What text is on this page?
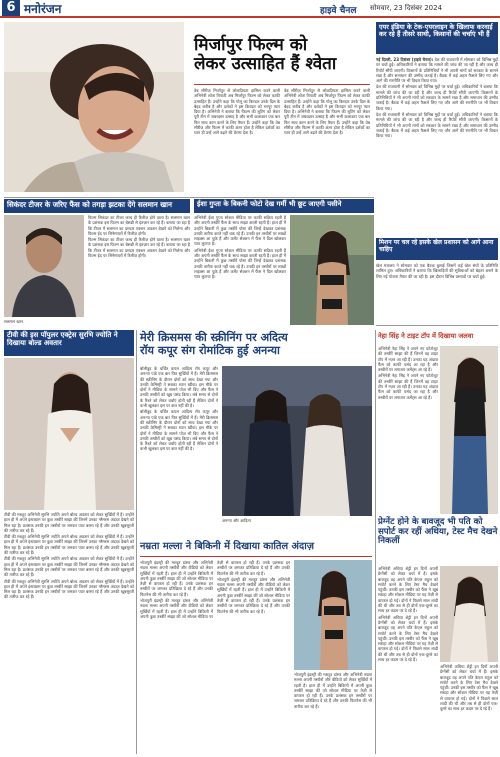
6 मनोरंजन	हाइवे चैनल सोमवार, 23 दिसंबर 2024
मिर्जापुर फिल्म को
लेकर उत्साहित हैं श्वेता

वेब सीरीज़ मिर्जापुर से लोकप्रियता हासिल करने वाली अभिनेत्री श्वेता त्रिपाठी अब मिर्जापुर फिल्म को लेकर काफी उत्साहित हैं। उन्होंने कहा कि गोलू का किरदार उनके दिल के बेहद करीब है और दर्शकों ने इस किरदार को भरपूर प्यार दिया है। अभिनेत्री ने बताया कि फिल्म की शूटिंग को लेकर पूरी टीम में जबरदस्त उत्साह है और सभी कलाकार एक बार फिर साथ काम करने के लिए तैयार हैं। उन्होंने कहा कि वेब सीरीज़ और फिल्म में काफी अंतर होता है लेकिन दर्शकों का प्यार ही उन्हें आगे बढ़ने की प्रेरणा देता है।

वेब सीरीज़ मिर्जापुर से लोकप्रियता हासिल करने वाली अभिनेत्री श्वेता त्रिपाठी अब मिर्जापुर फिल्म को लेकर काफी उत्साहित हैं। उन्होंने कहा कि गोलू का किरदार उनके दिल के बेहद करीब है और दर्शकों ने इस किरदार को भरपूर प्यार दिया है। अभिनेत्री ने बताया कि फिल्म की शूटिंग को लेकर पूरी टीम में जबरदस्त उत्साह है और सभी कलाकार एक बार फिर साथ काम करने के लिए तैयार हैं। उन्होंने कहा कि वेब सीरीज़ और फिल्म में काफी अंतर होता है लेकिन दर्शकों का प्यार ही उन्हें आगे बढ़ने की प्रेरणा देता है।

एयर इंडिया के टेक-एयरलाइन के खिलाफ करवाई कर रहे हैं तीसरे साथी, किसानों की चर्चाएं भी हैं

नई दिल्ली, 23 दिसंबर (हाइवे चैनल)। देश की राजधानी में सोमवार को विभिन्न मुद्दों पर चर्चा हुई। अधिकारियों ने बताया कि मामले की जांच की जा रही है और जल्द ही रिपोर्ट सौंपी जाएगी। किसानों के प्रतिनिधियों ने भी अपनी मांगों को सरकार के सामने रखा है और समाधान की उम्मीद जताई है। बैठक में कई अहम फैसले लिए गए और आगे की रणनीति पर भी विचार किया गया।

देश की राजधानी में सोमवार को विभिन्न मुद्दों पर चर्चा हुई। अधिकारियों ने बताया कि मामले की जांच की जा रही है और जल्द ही रिपोर्ट सौंपी जाएगी। किसानों के प्रतिनिधियों ने भी अपनी मांगों को सरकार के सामने रखा है और समाधान की उम्मीद जताई है। बैठक में कई अहम फैसले लिए गए और आगे की रणनीति पर भी विचार किया गया।

देश की राजधानी में सोमवार को विभिन्न मुद्दों पर चर्चा हुई। अधिकारियों ने बताया कि मामले की जांच की जा रही है और जल्द ही रिपोर्ट सौंपी जाएगी। किसानों के प्रतिनिधियों ने भी अपनी मांगों को सरकार के सामने रखा है और समाधान की उम्मीद जताई है। बैठक में कई अहम फैसले लिए गए और आगे की रणनीति पर भी विचार किया गया।

मिशन पर चल रहे इसके खेल प्रशासन को आगे आना चाहिए

खेल मंत्रालय ने सोमवार को एक बैठक बुलाई जिसमें कई खेल संघों के प्रतिनिधि शामिल हुए। अधिकारियों ने बताया कि खिलाड़ियों की सुविधाओं को बेहतर बनाने के लिए नई योजना तैयार की जा रही है। इस दौरान विभिन्न प्रस्तावों पर चर्चा हुई।

सिकंदर टीजर के जरिए फैंस को तगड़ा झटका देंगे सलमान खान
सलमान खान

फिल्म सिकंदर का टीजर जल्द ही रिलीज़ होने वाला है। सलमान खान के प्रशंसक इस फिल्म का बेसब्री से इंतज़ार कर रहे हैं। बताया जा रहा है कि टीजर में सलमान का दमदार एक्शन अवतार देखने को मिलेगा और फिल्म ईद पर सिनेमाघरों में रिलीज़ होगी।

फिल्म सिकंदर का टीजर जल्द ही रिलीज़ होने वाला है। सलमान खान के प्रशंसक इस फिल्म का बेसब्री से इंतज़ार कर रहे हैं। बताया जा रहा है कि टीजर में सलमान का दमदार एक्शन अवतार देखने को मिलेगा और फिल्म ईद पर सिनेमाघरों में रिलीज़ होगी।

ईशा गुप्ता के बिकनी फोटो देख गर्मी भी छूट जाएगी पसीने

अभिनेत्री ईशा गुप्ता सोशल मीडिया पर काफी सक्रिय रहती हैं और अपनी तस्वीरें फैंस के साथ साझा करती रहती हैं। हाल ही में उन्होंने बिकनी में कुछ तस्वीरें पोस्ट कीं जिन्हें देखकर प्रशंसक उनकी तारीफ करते नहीं थक रहे हैं। उनकी इन तस्वीरों पर लाखों लाइक्स आ चुके हैं और कमेंट सेक्शन में फैंस ने दिल खोलकर प्यार लुटाया है।

अभिनेत्री ईशा गुप्ता सोशल मीडिया पर काफी सक्रिय रहती हैं और अपनी तस्वीरें फैंस के साथ साझा करती रहती हैं। हाल ही में उन्होंने बिकनी में कुछ तस्वीरें पोस्ट कीं जिन्हें देखकर प्रशंसक उनकी तारीफ करते नहीं थक रहे हैं। उनकी इन तस्वीरों पर लाखों लाइक्स आ चुके हैं और कमेंट सेक्शन में फैंस ने दिल खोलकर प्यार लुटाया है।

टीवी की इस पॉपुलर एक्ट्रेस सुरभि ज्योति ने दिखाया बोल्ड अवतार

टीवी की मशहूर अभिनेत्री सुरभि ज्योति अपने बोल्ड अवतार को लेकर सुर्खियों में हैं। उन्होंने हाल ही में अपने इंस्टाग्राम पर कुछ तस्वीरें साझा कीं जिनमें उनका ग्लैमरस अंदाज़ देखने को मिल रहा है। प्रशंसक उनकी इन तस्वीरों पर जमकर प्यार बरसा रहे हैं और उनकी खूबसूरती की तारीफ कर रहे हैं।

टीवी की मशहूर अभिनेत्री सुरभि ज्योति अपने बोल्ड अवतार को लेकर सुर्खियों में हैं। उन्होंने हाल ही में अपने इंस्टाग्राम पर कुछ तस्वीरें साझा कीं जिनमें उनका ग्लैमरस अंदाज़ देखने को मिल रहा है। प्रशंसक उनकी इन तस्वीरों पर जमकर प्यार बरसा रहे हैं और उनकी खूबसूरती की तारीफ कर रहे हैं।

टीवी की मशहूर अभिनेत्री सुरभि ज्योति अपने बोल्ड अवतार को लेकर सुर्खियों में हैं। उन्होंने हाल ही में अपने इंस्टाग्राम पर कुछ तस्वीरें साझा कीं जिनमें उनका ग्लैमरस अंदाज़ देखने को मिल रहा है। प्रशंसक उनकी इन तस्वीरों पर जमकर प्यार बरसा रहे हैं और उनकी खूबसूरती की तारीफ कर रहे हैं।

टीवी की मशहूर अभिनेत्री सुरभि ज्योति अपने बोल्ड अवतार को लेकर सुर्खियों में हैं। उन्होंने हाल ही में अपने इंस्टाग्राम पर कुछ तस्वीरें साझा कीं जिनमें उनका ग्लैमरस अंदाज़ देखने को मिल रहा है। प्रशंसक उनकी इन तस्वीरों पर जमकर प्यार बरसा रहे हैं और उनकी खूबसूरती की तारीफ कर रहे हैं।

मेरी क्रिसमस की स्क्रीनिंग पर अदित्य
रॉय कपूर संग रोमांटिक हुई अनन्या

बॉलीवुड के चर्चित कपल आदित्य रॉय कपूर और अनन्या पांडे एक बार फिर सुर्खियों में हैं। मेरी क्रिसमस की स्क्रीनिंग के दौरान दोनों को साथ देखा गया और उनकी केमिस्ट्री ने सबका ध्यान खींचा। इस मौके पर दोनों ने मीडिया के सामने पोज़ भी दिए और फैंस ने उनकी तस्वीरों को खूब पसंद किया। लंबे समय से दोनों के रिश्ते को लेकर चर्चाएं होती रही हैं लेकिन दोनों ने कभी खुलकर इस पर बात नहीं की है।

बॉलीवुड के चर्चित कपल आदित्य रॉय कपूर और अनन्या पांडे एक बार फिर सुर्खियों में हैं। मेरी क्रिसमस की स्क्रीनिंग के दौरान दोनों को साथ देखा गया और उनकी केमिस्ट्री ने सबका ध्यान खींचा। इस मौके पर दोनों ने मीडिया के सामने पोज़ भी दिए और फैंस ने उनकी तस्वीरों को खूब पसंद किया। लंबे समय से दोनों के रिश्ते को लेकर चर्चाएं होती रही हैं लेकिन दोनों ने कभी खुलकर इस पर बात नहीं की है।

अनन्या और आदित्य
नेहा सिंह ने टाइट टॉप में दिखाया जलवा

अभिनेत्री नेहा सिंह ने अपने नए फोटोशूट की तस्वीरें साझा की हैं जिनमें वह टाइट टॉप में नज़र आ रही हैं। उनका यह अंदाज़ फैंस को काफी पसंद आ रहा है और तस्वीरों पर लगातार कमेंट्स आ रहे हैं।

अभिनेत्री नेहा सिंह ने अपने नए फोटोशूट की तस्वीरें साझा की हैं जिनमें वह टाइट टॉप में नज़र आ रही हैं। उनका यह अंदाज़ फैंस को काफी पसंद आ रहा है और तस्वीरों पर लगातार कमेंट्स आ रहे हैं।

नम्रता मल्ला ने बिकिनी में दिखाया कातिल अंदाज़

भोजपुरी इंडस्ट्री की मशहूर डांसर और अभिनेत्री नम्रता मल्ला अपनी तस्वीरों और वीडियो को लेकर सुर्खियों में रहती हैं। हाल ही में उन्होंने बिकिनी में अपनी कुछ तस्वीरें साझा कीं जो सोशल मीडिया पर तेज़ी से वायरल हो रही हैं। उनके प्रशंसक इन तस्वीरों पर जमकर प्रतिक्रिया दे रहे हैं और उनकी फिटनेस की भी तारीफ कर रहे हैं।

भोजपुरी इंडस्ट्री की मशहूर डांसर और अभिनेत्री नम्रता मल्ला अपनी तस्वीरों और वीडियो को लेकर सुर्खियों में रहती हैं। हाल ही में उन्होंने बिकिनी में अपनी कुछ तस्वीरें साझा कीं जो सोशल मीडिया पर तेज़ी से वायरल हो रही हैं। उनके प्रशंसक इन तस्वीरों पर जमकर प्रतिक्रिया दे रहे हैं और उनकी फिटनेस की भी तारीफ कर रहे हैं।

भोजपुरी इंडस्ट्री की मशहूर डांसर और अभिनेत्री नम्रता मल्ला अपनी तस्वीरों और वीडियो को लेकर सुर्खियों में रहती हैं। हाल ही में उन्होंने बिकिनी में अपनी कुछ तस्वीरें साझा कीं जो सोशल मीडिया पर तेज़ी से वायरल हो रही हैं। उनके प्रशंसक इन तस्वीरों पर जमकर प्रतिक्रिया दे रहे हैं और उनकी फिटनेस की भी तारीफ कर रहे हैं।

भोजपुरी इंडस्ट्री की मशहूर डांसर और अभिनेत्री नम्रता मल्ला अपनी तस्वीरों और वीडियो को लेकर सुर्खियों में रहती हैं। हाल ही में उन्होंने बिकिनी में अपनी कुछ तस्वीरें साझा कीं जो सोशल मीडिया पर तेज़ी से वायरल हो रही हैं। उनके प्रशंसक इन तस्वीरों पर जमकर प्रतिक्रिया दे रहे हैं और उनकी फिटनेस की भी तारीफ कर रहे हैं।

प्रेग्नेंट होने के बावजूद भी पति को सपोर्ट कर रहीं अथिया, टेस्ट मैच देखने निकलीं

अभिनेत्री अथिया शेट्टी इन दिनों अपनी प्रेग्नेंसी को लेकर चर्चा में हैं। इसके बावजूद वह अपने पति केएल राहुल को सपोर्ट करने के लिए टेस्ट मैच देखने पहुंचीं। उनकी इस तस्वीर को फैंस ने खूब सराहा और सोशल मीडिया पर यह तेज़ी से वायरल हो गई। दोनों ने पिछले साल शादी की थी और तब से ही दोनों एक-दूसरे का साथ हर कदम पर दे रहे हैं।

अभिनेत्री अथिया शेट्टी इन दिनों अपनी प्रेग्नेंसी को लेकर चर्चा में हैं। इसके बावजूद वह अपने पति केएल राहुल को सपोर्ट करने के लिए टेस्ट मैच देखने पहुंचीं। उनकी इस तस्वीर को फैंस ने खूब सराहा और सोशल मीडिया पर यह तेज़ी से वायरल हो गई। दोनों ने पिछले साल शादी की थी और तब से ही दोनों एक-दूसरे का साथ हर कदम पर दे रहे हैं।

अभिनेत्री अथिया शेट्टी इन दिनों अपनी प्रेग्नेंसी को लेकर चर्चा में हैं। इसके बावजूद वह अपने पति केएल राहुल को सपोर्ट करने के लिए टेस्ट मैच देखने पहुंचीं। उनकी इस तस्वीर को फैंस ने खूब सराहा और सोशल मीडिया पर यह तेज़ी से वायरल हो गई। दोनों ने पिछले साल शादी की थी और तब से ही दोनों एक-दूसरे का साथ हर कदम पर दे रहे हैं।
